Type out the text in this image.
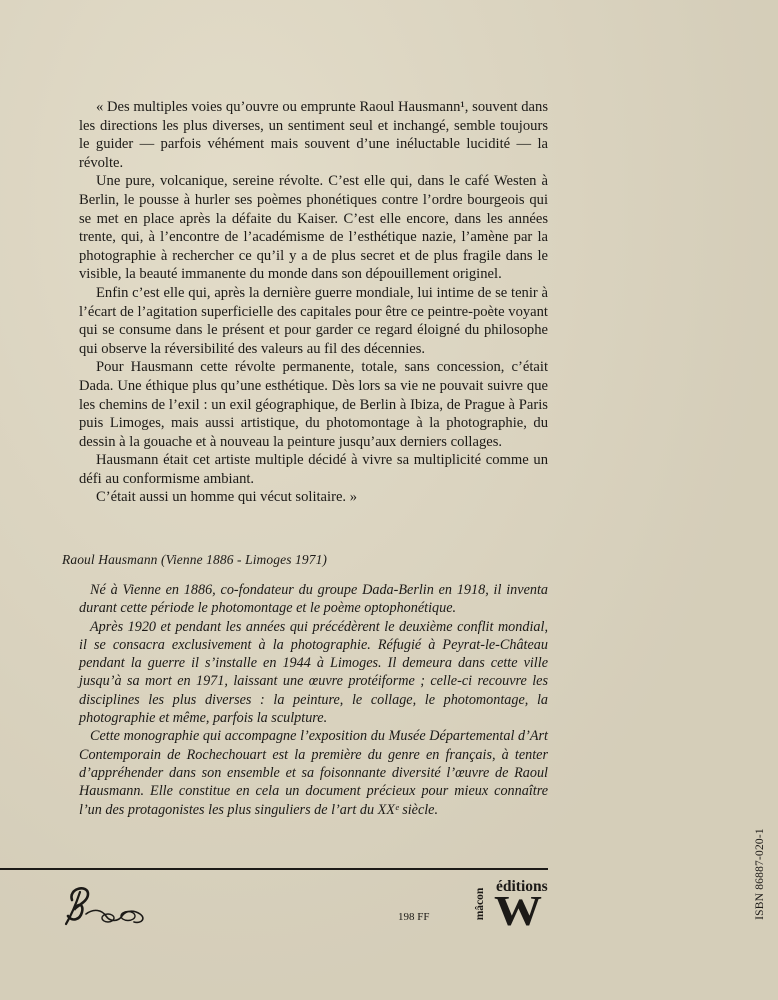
« Des multiples voies qu’ouvre ou emprunte Raoul Hausmann¹, souvent dans les directions les plus diverses, un sentiment seul et inchangé, semble toujours le guider — parfois véhément mais souvent d’une inéluctable lucidité — la révolte.

Une pure, volcanique, sereine révolte. C’est elle qui, dans le café Westen à Berlin, le pousse à hurler ses poèmes phonétiques contre l’ordre bourgeois qui se met en place après la défaite du Kaiser. C’est elle encore, dans les années trente, qui, à l’encontre de l’académisme de l’esthétique nazie, l’amène par la photographie à rechercher ce qu’il y a de plus secret et de plus fragile dans le visible, la beauté immanente du monde dans son dépouillement originel.

Enfin c’est elle qui, après la dernière guerre mondiale, lui intime de se tenir à l’écart de l’agitation superficielle des capitales pour être ce peintre-poète voyant qui se consume dans le présent et pour garder ce regard éloigné du philosophe qui observe la réversibilité des valeurs au fil des décennies.

Pour Hausmann cette révolte permanente, totale, sans concession, c’était Dada. Une éthique plus qu’une esthétique. Dès lors sa vie ne pouvait suivre que les chemins de l’exil : un exil géographique, de Berlin à Ibiza, de Prague à Paris puis Limoges, mais aussi artistique, du photomontage à la photographie, du dessin à la gouache et à nouveau la peinture jusqu’aux derniers collages.

Hausmann était cet artiste multiple décidé à vivre sa multiplicité comme un défi au conformisme ambiant.

C’était aussi un homme qui vécut solitaire. »

Raoul Hausmann (Vienne 1886 - Limoges 1971)

Né à Vienne en 1886, co-fondateur du groupe Dada-Berlin en 1918, il inventa durant cette période le photomontage et le poème optophonétique.

Après 1920 et pendant les années qui précédèrent le deuxième conflit mondial, il se consacra exclusivement à la photographie. Réfugié à Peyrat-le-Château pendant la guerre il s’installe en 1944 à Limoges. Il demeura dans cette ville jusqu’à sa mort en 1971, laissant une œuvre protéiforme ; celle-ci recouvre les disciplines les plus diverses : la peinture, le collage, le photomontage, la photographie et même, parfois la sculpture.

Cette monographie qui accompagne l’exposition du Musée Départemental d’Art Contemporain de Rochechouart est la première du genre en français, à tenter d’appréhender dans son ensemble et sa foisonnante diversité l’œuvre de Raoul Hausmann. Elle constitue en cela un document précieux pour mieux connaître l’un des protagonistes les plus singuliers de l’art du XXᵉ siècle.

198 FF	mâcon
éditions
W	ISBN 86887-020-1
